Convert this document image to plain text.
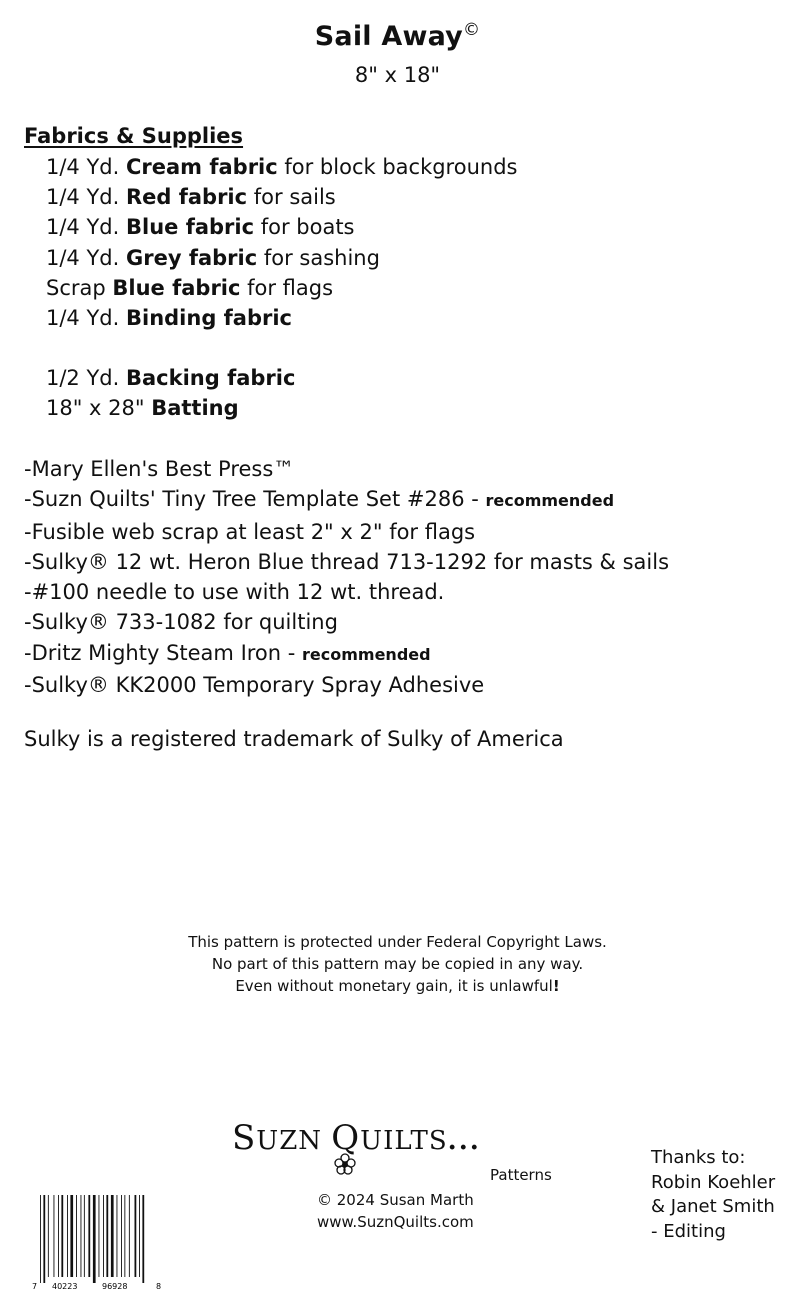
Sail Away©
8" x 18"
Fabrics & Supplies
1/4 Yd. Cream fabric for block backgrounds
1/4 Yd. Red fabric for sails
1/4 Yd. Blue fabric for boats
1/4 Yd. Grey fabric for sashing
Scrap Blue fabric for flags
1/4 Yd. Binding fabric
1/2 Yd. Backing fabric
18" x 28" Batting
-Mary Ellen's Best Press™
-Suzn Quilts' Tiny Tree Template Set #286 - recommended
-Fusible web scrap at least 2" x 2" for flags
-Sulky® 12 wt. Heron Blue thread 713-1292 for masts & sails
-#100 needle to use with 12 wt. thread.
-Sulky® 733-1082 for quilting
-Dritz Mighty Steam Iron - recommended
-Sulky® KK2000 Temporary Spray Adhesive
Sulky is a registered trademark of Sulky of America
This pattern is protected under Federal Copyright Laws.
No part of this pattern may be copied in any way.
Even without monetary gain, it is unlawful!
SUZN QUILTS...
Patterns
© 2024 Susan Marth
www.SuznQuilts.com
Thanks to:
Robin Koehler
& Janet Smith
- Editing
7 40223	96928	8
